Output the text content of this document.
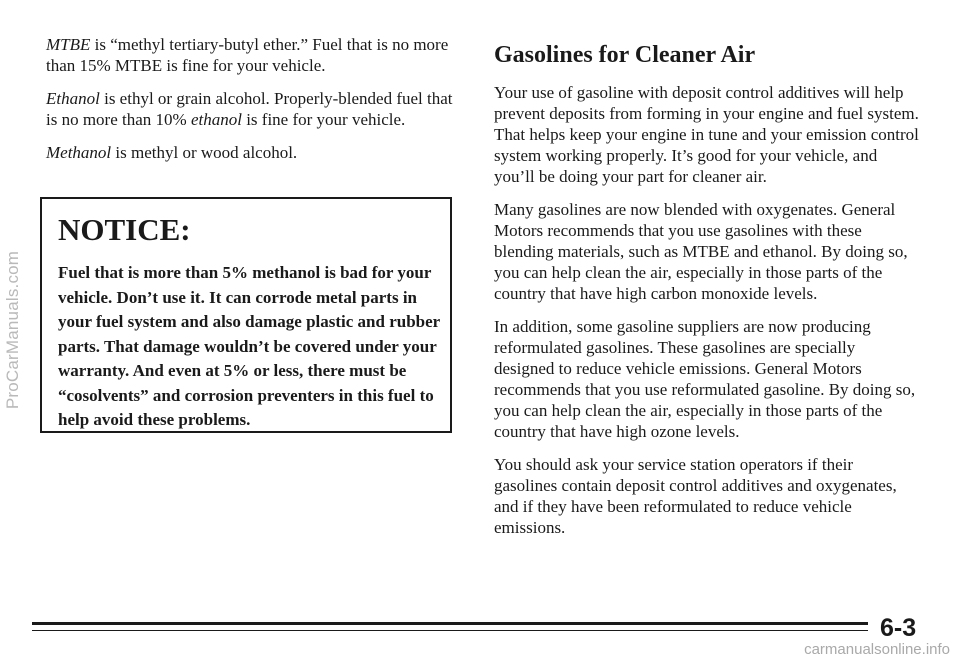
ProCarManuals.com

MTBE is “methyl tertiary-butyl ether.” Fuel that is no more than 15% MTBE is fine for your vehicle.

Ethanol is ethyl or grain alcohol. Properly-blended fuel that is no more than 10% ethanol is fine for your vehicle.

Methanol is methyl or wood alcohol.

NOTICE:

Fuel that is more than 5% methanol is bad for your vehicle. Don’t use it. It can corrode metal parts in your fuel system and also damage plastic and rubber parts. That damage wouldn’t be covered under your warranty. And even at 5% or less, there must be “cosolvents” and corrosion preventers in this fuel to help avoid these problems.

Gasolines for Cleaner Air

Your use of gasoline with deposit control additives will help prevent deposits from forming in your engine and fuel system. That helps keep your engine in tune and your emission control system working properly. It’s good for your vehicle, and you’ll be doing your part for cleaner air.

Many gasolines are now blended with oxygenates. General Motors recommends that you use gasolines with these blending materials, such as MTBE and ethanol. By doing so, you can help clean the air, especially in those parts of the country that have high carbon monoxide levels.

In addition, some gasoline suppliers are now producing reformulated gasolines. These gasolines are specially designed to reduce vehicle emissions. General Motors recommends that you use reformulated gasoline. By doing so, you can help clean the air, especially in those parts of the country that have high ozone levels.

You should ask your service station operators if their gasolines contain deposit control additives and oxygenates, and if they have been reformulated to reduce vehicle emissions.

6-3
carmanualsonline.info
